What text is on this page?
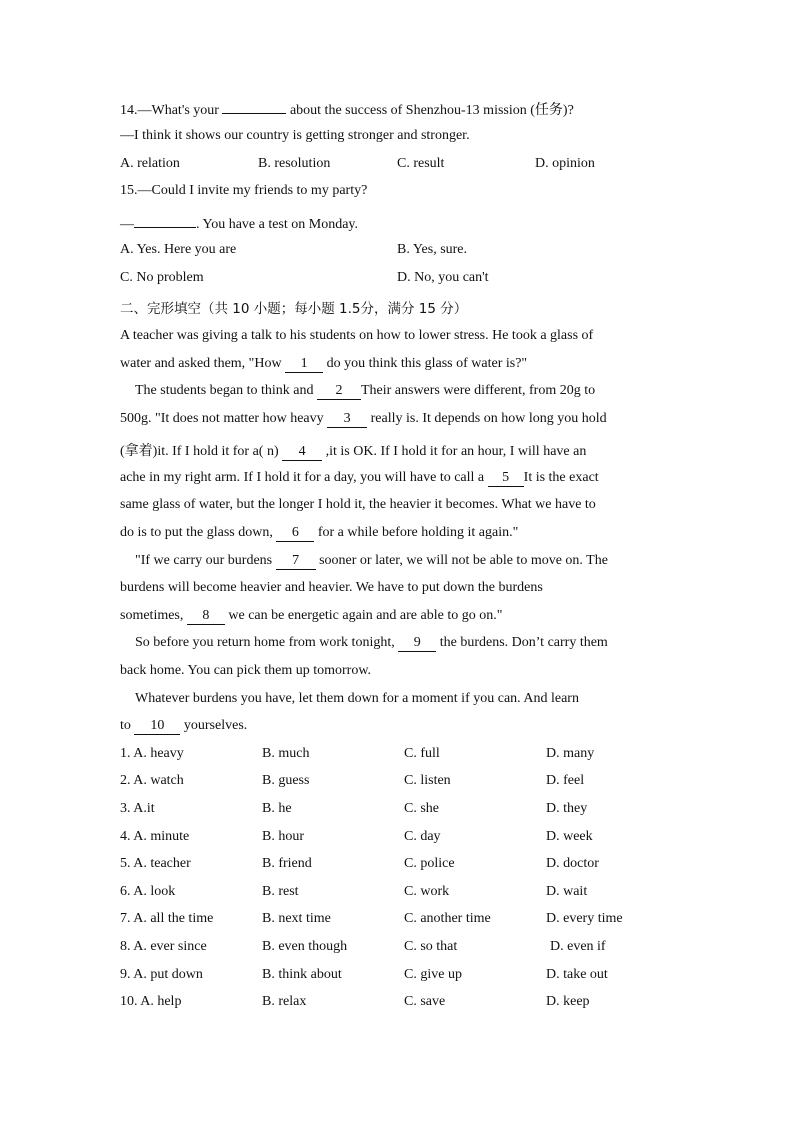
14.—What's your	about the success of Shenzhou-13 mission (任务)?
—I think it shows our country is getting stronger and stronger.
A. relation	B. resolution	C. result	D. opinion
15.—Could I invite my friends to my party?
—	. You have a test on Monday.
A. Yes. Here you are	B. Yes, sure.
C. No problem	D. No, you can't
二、完形填空（共 10 小题；每小题 1.5分，满分 15 分）
A teacher was giving a talk to his students on how to lower stress. He took a glass of
water and asked them, "How 1 do you think this glass of water is?"
The students began to think and 2 Their answers were different, from 20g to
500g. "It does not matter how heavy 3 really is. It depends on how long you hold
(拿着)it. If I hold it for a( n) 4 ,it is OK. If I hold it for an hour, I will have an
ache in my right arm. If I hold it for a day, you will have to call a 5 It is the exact
same glass of water, but the longer I hold it, the heavier it becomes. What we have to
do is to put the glass down, 6 for a while before holding it again."
"If we carry our burdens 7 sooner or later, we will not be able to move on. The
burdens will become heavier and heavier. We have to put down the burdens
sometimes, 8 we can be energetic again and are able to go on."
So before you return home from work tonight, 9 the burdens. Don’t carry them
back home. You can pick them up tomorrow.
Whatever burdens you have, let them down for a moment if you can. And learn
to 10 yourselves.
1. A. heavy	B. much	C. full	D. many
2. A. watch	B. guess	C. listen	D. feel
3. A.it	B. he	C. she	D. they
4. A. minute	B. hour	C. day	D. week
5. A. teacher	B. friend	C. police	D. doctor
6. A. look	B. rest	C. work	D. wait
7. A. all the time	B. next time	C. another time	D. every time
8. A. ever since	B. even though	C. so that	D. even if
9. A. put down	B. think about	C. give up	D. take out
10. A. help	B. relax	C. save	D. keep
